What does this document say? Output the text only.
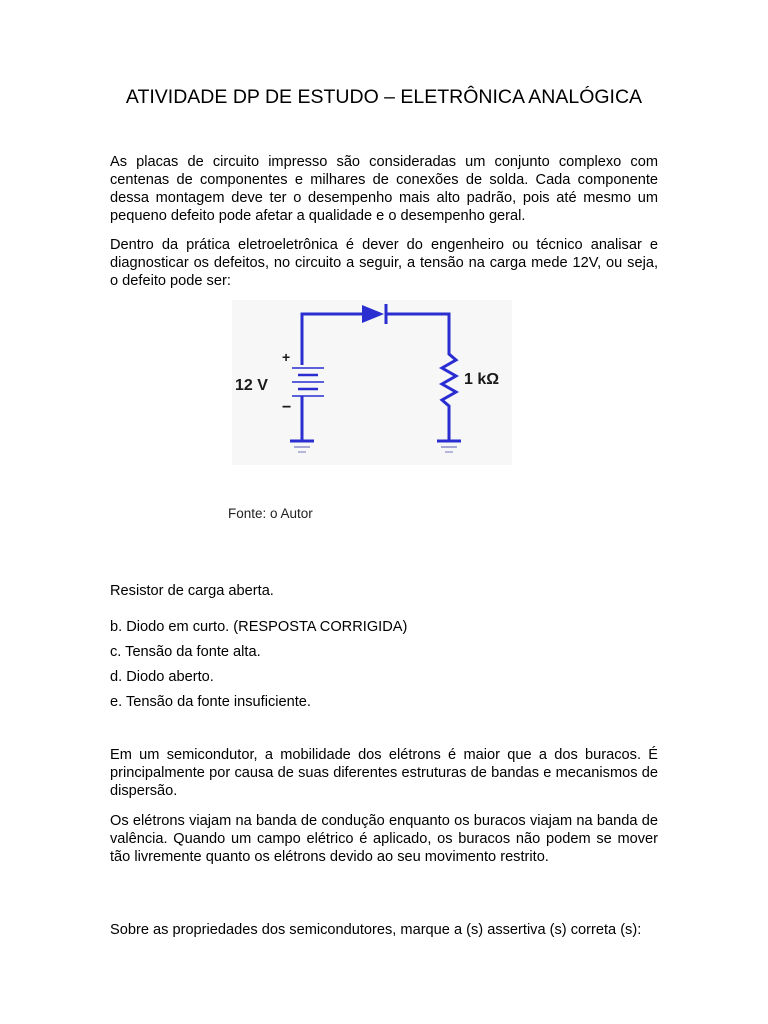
ATIVIDADE DP DE ESTUDO – ELETRÔNICA ANALÓGICA
As placas de circuito impresso são consideradas um conjunto complexo com centenas de componentes e milhares de conexões de solda. Cada componente dessa montagem deve ter o desempenho mais alto padrão, pois até mesmo um pequeno defeito pode afetar a qualidade e o desempenho geral.
Dentro da prática eletroeletrônica é dever do engenheiro ou técnico analisar e diagnosticar os defeitos, no circuito a seguir, a tensão na carga mede 12V, ou seja, o defeito pode ser:
+
−
12 V	1 kΩ
Fonte: o Autor
Resistor de carga aberta.
b. Diodo em curto. (RESPOSTA CORRIGIDA)
c. Tensão da fonte alta.
d. Diodo aberto.
e. Tensão da fonte insuficiente.
Em um semicondutor, a mobilidade dos elétrons é maior que a dos buracos. É principalmente por causa de suas diferentes estruturas de bandas e mecanismos de dispersão.
Os elétrons viajam na banda de condução enquanto os buracos viajam na banda de valência. Quando um campo elétrico é aplicado, os buracos não podem se mover tão livremente quanto os elétrons devido ao seu movimento restrito.
Sobre as propriedades dos semicondutores, marque a (s) assertiva (s) correta (s):
